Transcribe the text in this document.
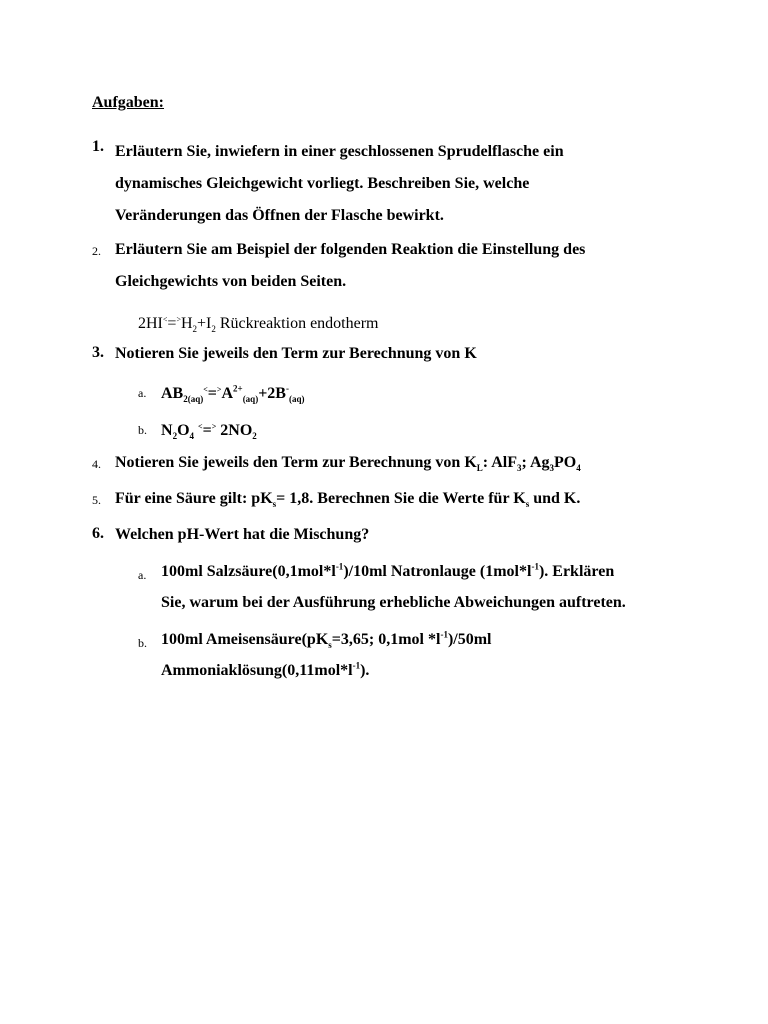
Aufgaben:
1. Erläutern Sie, inwiefern in einer geschlossenen Sprudelflasche ein
dynamisches Gleichgewicht vorliegt. Beschreiben Sie, welche
Veränderungen das Öffnen der Flasche bewirkt.
2. Erläutern Sie am Beispiel der folgenden Reaktion die Einstellung des
Gleichgewichts von beiden Seiten.
$2HI^<=^>H_2+I_2$ Rückreaktion endotherm
3. Notieren Sie jeweils den Term zur Berechnung von K
a. $AB_{2(aq)}^<=^>A^{2+}_{(aq)}+2B^-_{(aq)}$
b. $N_2O_4$ <=> $2NO_2$
4. Notieren Sie jeweils den Term zur Berechnung von $K_L$: AlF$_3$; $Ag_3PO_4$
5. Für eine Säure gilt: $pK_s= 1,8$. Berechnen Sie die Werte für $K_s$ und K.
6. Welchen pH-Wert hat die Mischung?
a. 100ml $Salzsäure(0,1mol*l^{-1})/10ml$ Natronlauge $(1mol*l^{-1})$. Erklären
Sie, warum bei der Ausführung erhebliche Abweichungen auftreten.
b. 100ml $Ameisensäure(pK_s=3,65$; 0,1mol $*l^{-1})/50ml$
$Ammoniaklösung(0,11mol*l^{-1})$.
